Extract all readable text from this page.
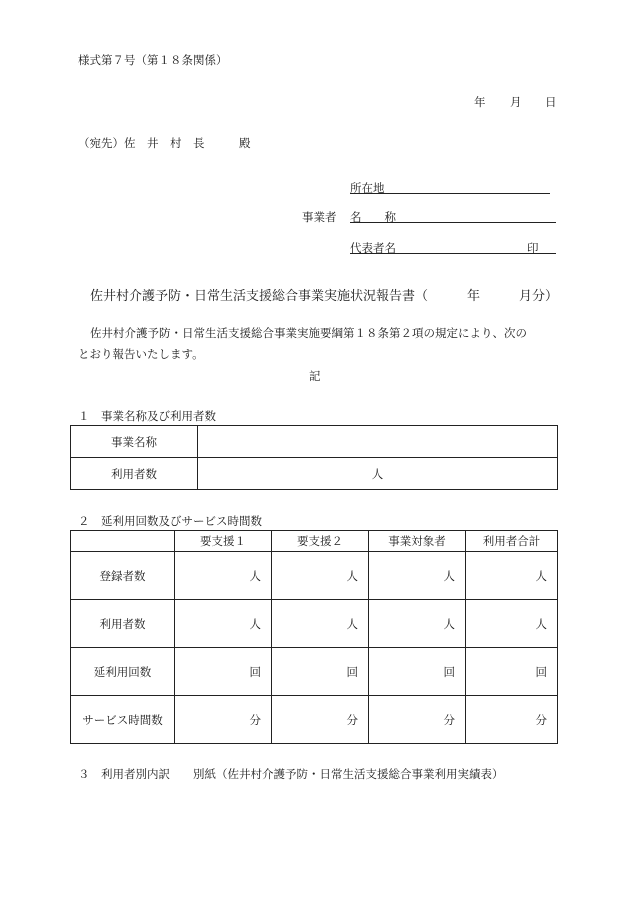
様式第７号（第１８条関係）
年 月 日
（宛先）佐　井　村　長　　　殿
所在地
事業者 名　　称
代表者名	印
佐井村介護予防・日常生活支援総合事業実施状況報告書（　　　年　　　月分）
佐井村介護予防・日常生活支援総合事業実施要綱第１８条第２項の規定により、次の
とおり報告いたします。
記
１　事業名称及び利用者数
事業名称	
利用者数	人
２　延利用回数及びサービス時間数
	要支援１	要支援２	事業対象者	利用者合計
登録者数	人	人	人	人
利用者数	人	人	人	人
延利用回数	回	回	回	回
サービス時間数	分	分	分	分
３　利用者別内訳　　別紙（佐井村介護予防・日常生活支援総合事業利用実績表）
